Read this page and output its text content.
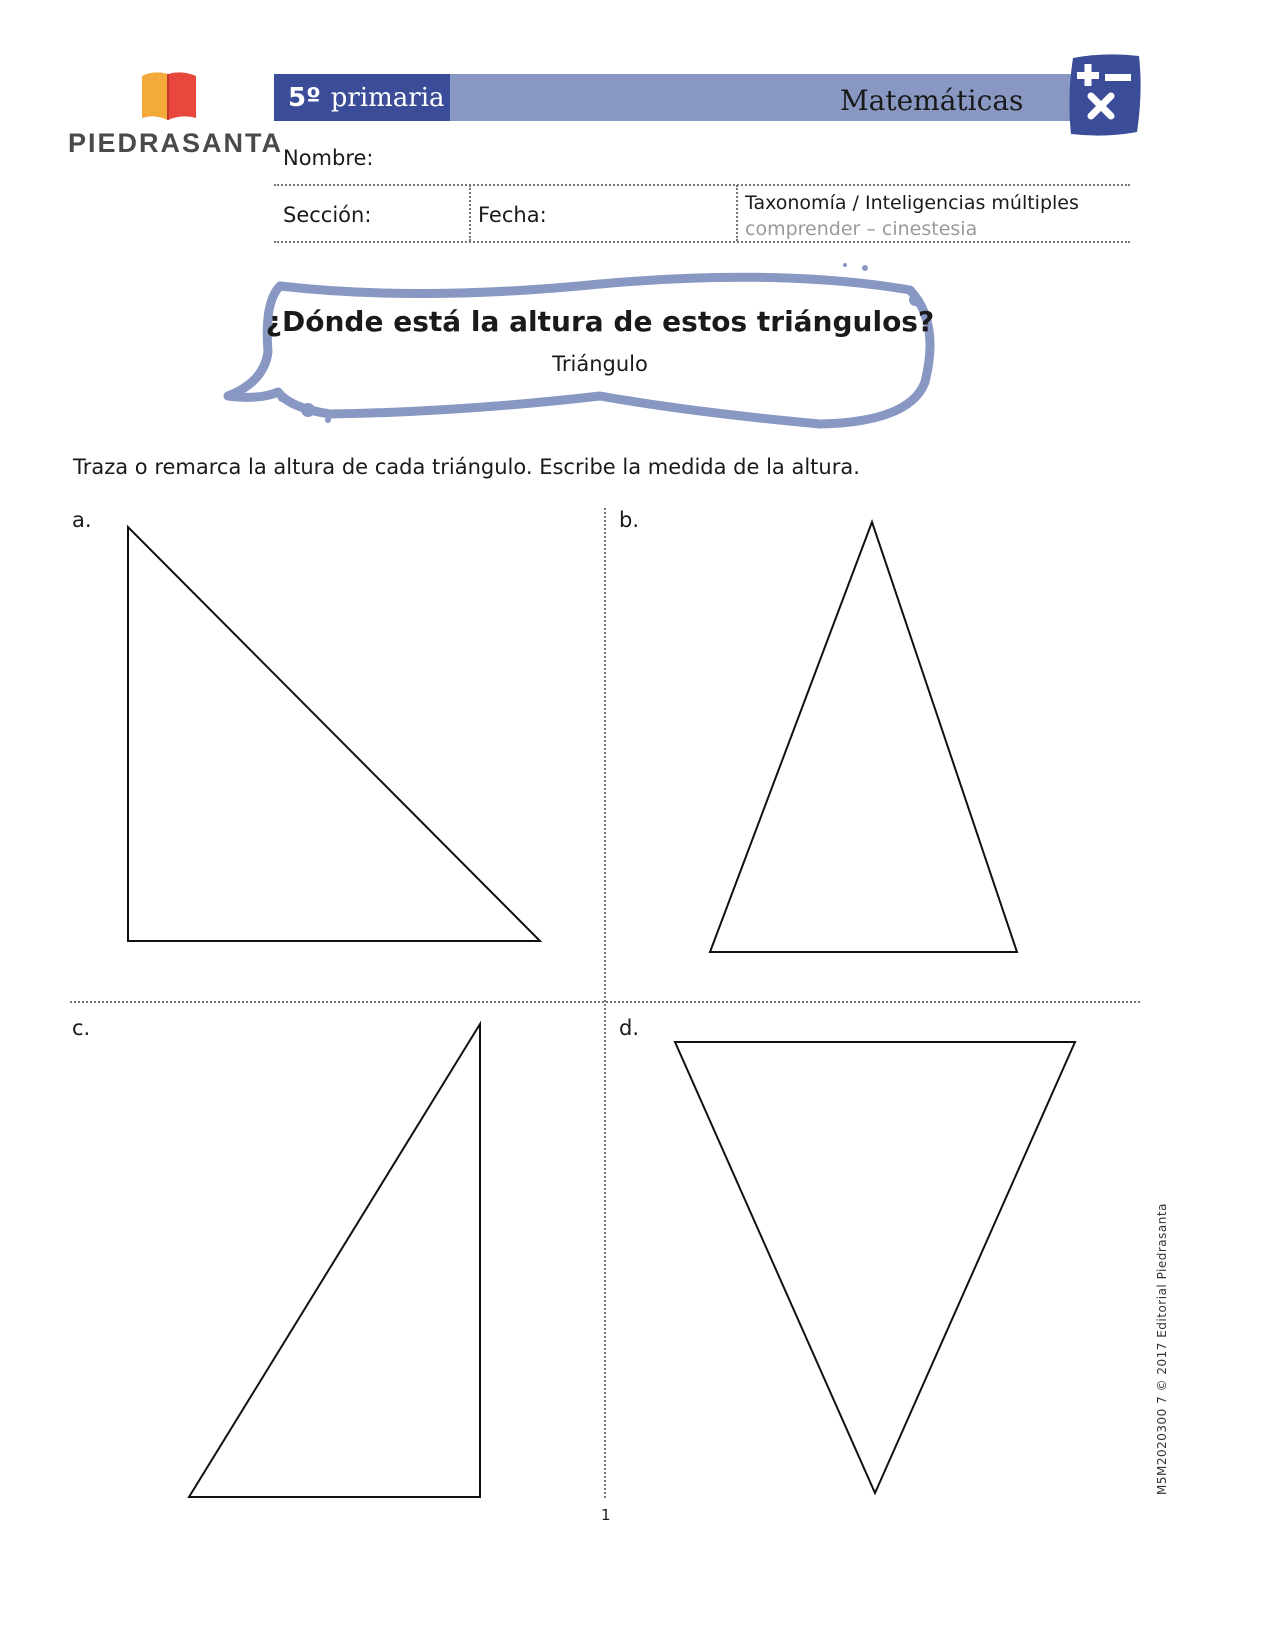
PIEDRASANTA
5º primaria	Matemáticas
Nombre:
Sección:	Fecha:	Taxonomía / Inteligencias múltiples
comprender – cinestesia
¿Dónde está la altura de estos triángulos?
Triángulo
Traza o remarca la altura de cada triángulo. Escribe la medida de la altura.
a.	b.
c.	d.
M5M2020300 7 © 2017 Editorial Piedrasanta
1
